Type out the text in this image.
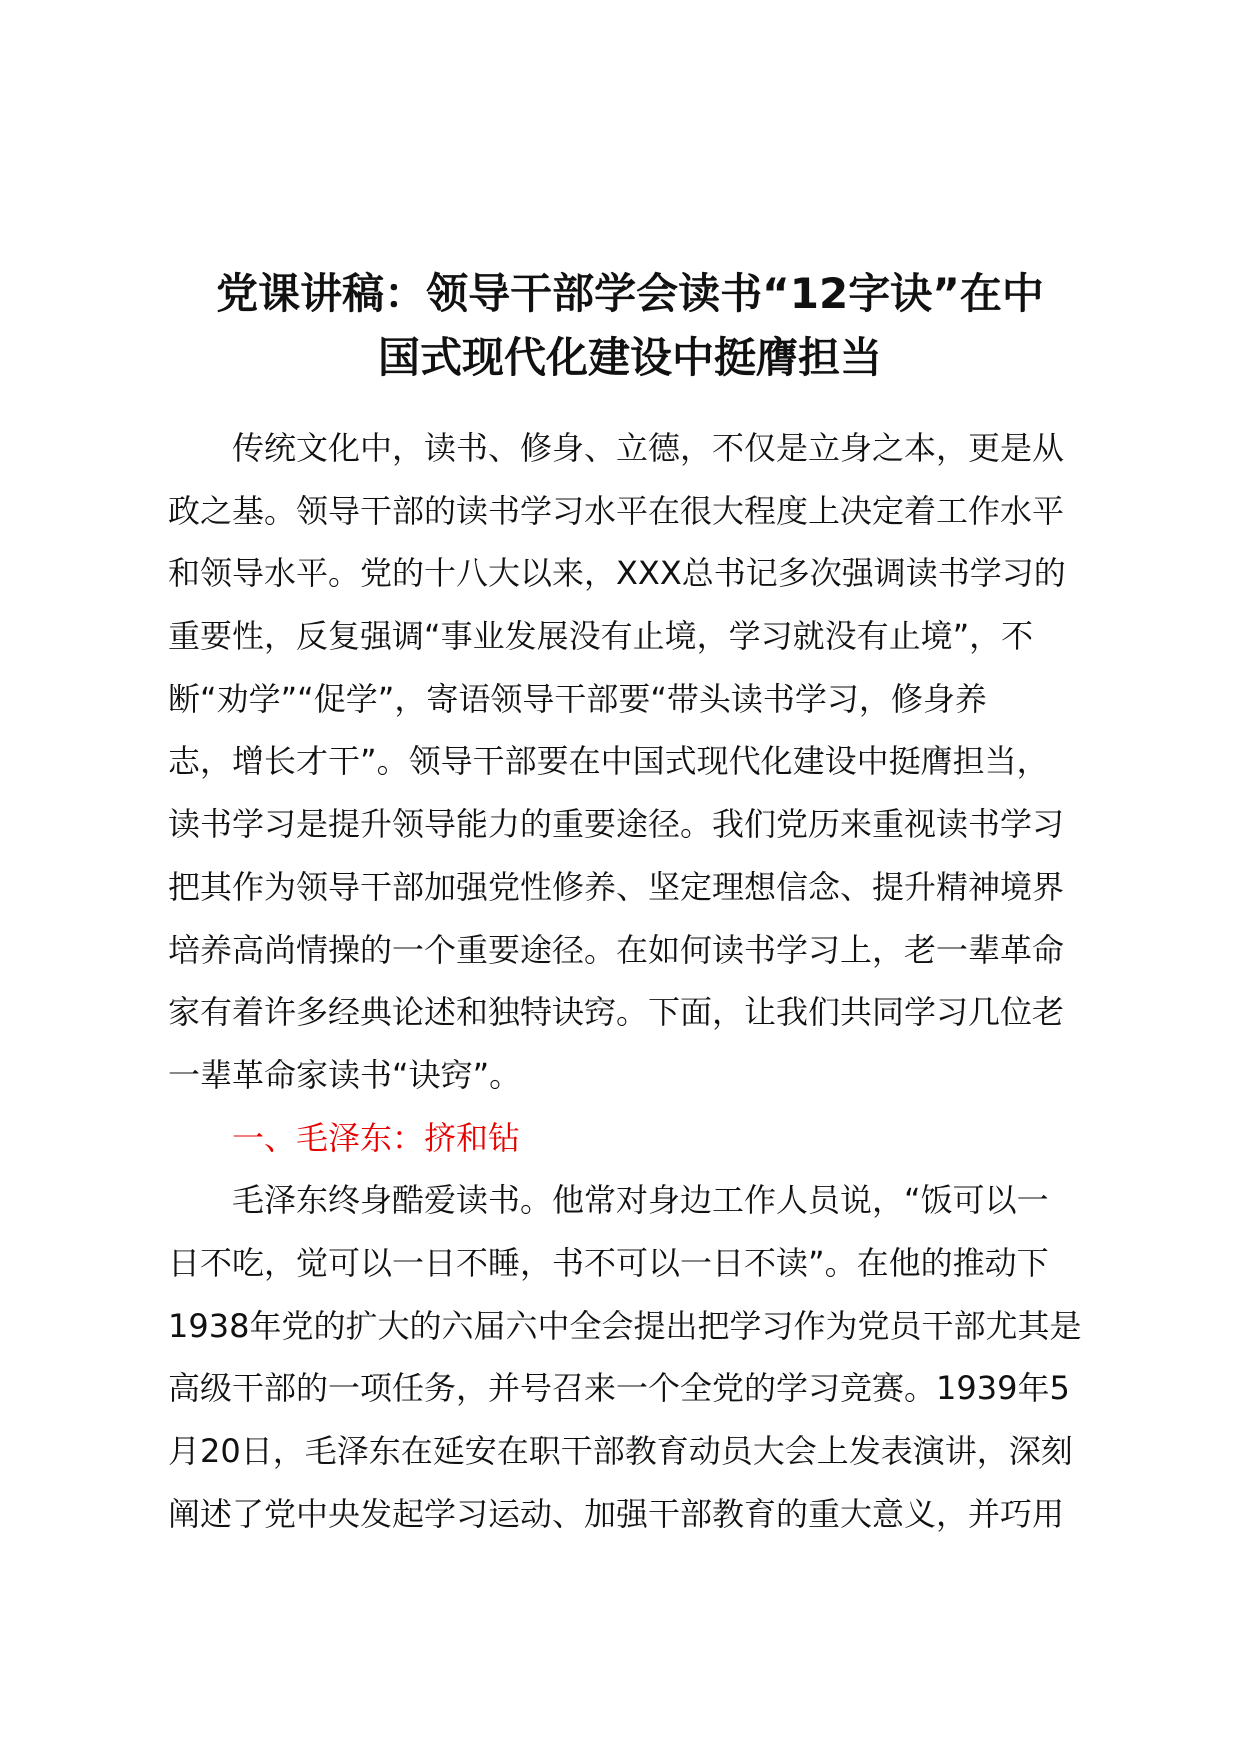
党课讲稿：领导干部学会读书“12字诀”在中
国式现代化建设中挺膺担当
传统文化中，读书、修身、立德，不仅是立身之本，更是从
政之基。领导干部的读书学习水平在很大程度上决定着工作水平
和领导水平。党的十八大以来，XXX总书记多次强调读书学习的
重要性，反复强调“事业发展没有止境，学习就没有止境”，不
断“劝学”“促学”，寄语领导干部要“带头读书学习，修身养
志，增长才干”。领导干部要在中国式现代化建设中挺膺担当，
读书学习是提升领导能力的重要途径。我们党历来重视读书学习
把其作为领导干部加强党性修养、坚定理想信念、提升精神境界
培养高尚情操的一个重要途径。在如何读书学习上，老一辈革命
家有着许多经典论述和独特诀窍。下面，让我们共同学习几位老
一辈革命家读书“诀窍”。
一、毛泽东：挤和钻
毛泽东终身酷爱读书。他常对身边工作人员说，“饭可以一
日不吃，觉可以一日不睡，书不可以一日不读”。在他的推动下
1938年党的扩大的六届六中全会提出把学习作为党员干部尤其是
高级干部的一项任务，并号召来一个全党的学习竞赛。1939年5
月20日，毛泽东在延安在职干部教育动员大会上发表演讲，深刻
阐述了党中央发起学习运动、加强干部教育的重大意义，并巧用
